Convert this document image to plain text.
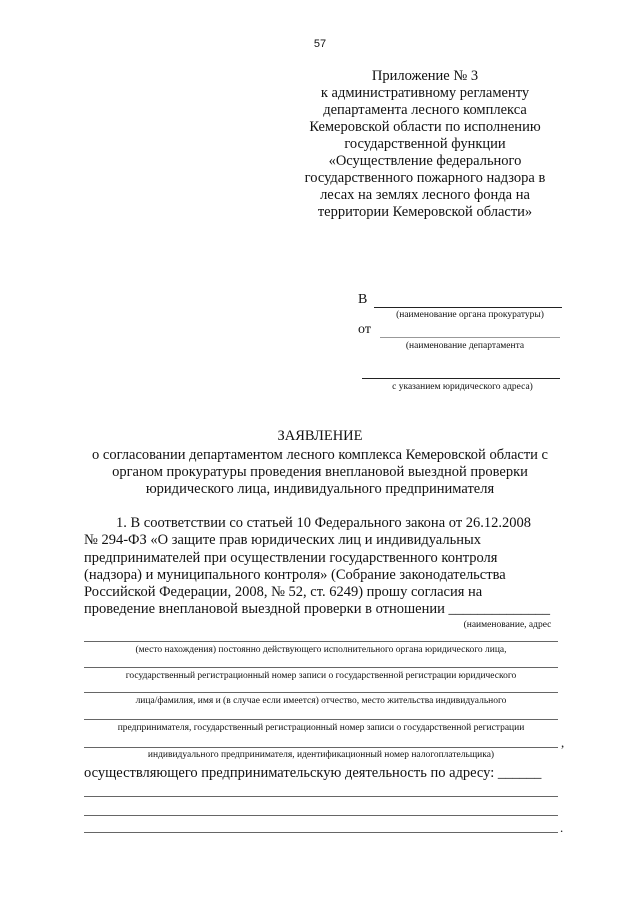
57
Приложение № 3
к административному регламенту
департамента лесного комплекса
Кемеровской области по исполнению
государственной функции
«Осуществление федерального
государственного пожарного надзора в
лесах на землях лесного фонда на
территории Кемеровской области»
В
(наименование органа прокуратуры)
от
(наименование департамента
с указанием юридического адреса)
ЗАЯВЛЕНИЕ
о согласовании департаментом лесного комплекса Кемеровской области с
органом прокуратуры проведения внеплановой выездной проверки
юридического лица, индивидуального предпринимателя
1. В соответствии со статьей 10 Федерального закона от 26.12.2008
№ 294-ФЗ «О защите прав юридических лиц и индивидуальных
предпринимателей при осуществлении государственного контроля
(надзора) и муниципального контроля» (Собрание законодательства
Российской Федерации, 2008, № 52, ст. 6249) прошу согласия на
проведение внеплановой выездной проверки в отношении ______________
(наименование, адрес
(место нахождения) постоянно действующего исполнительного органа юридического лица,
государственный регистрационный номер записи о государственной регистрации юридического
лица/фамилия, имя и (в случае если имеется) отчество, место жительства индивидуального
предпринимателя, государственный регистрационный номер записи о государственной регистрации
,
индивидуального предпринимателя, идентификационный номер налогоплательщика)
осуществляющего предпринимательскую деятельность по адресу: ______
.
